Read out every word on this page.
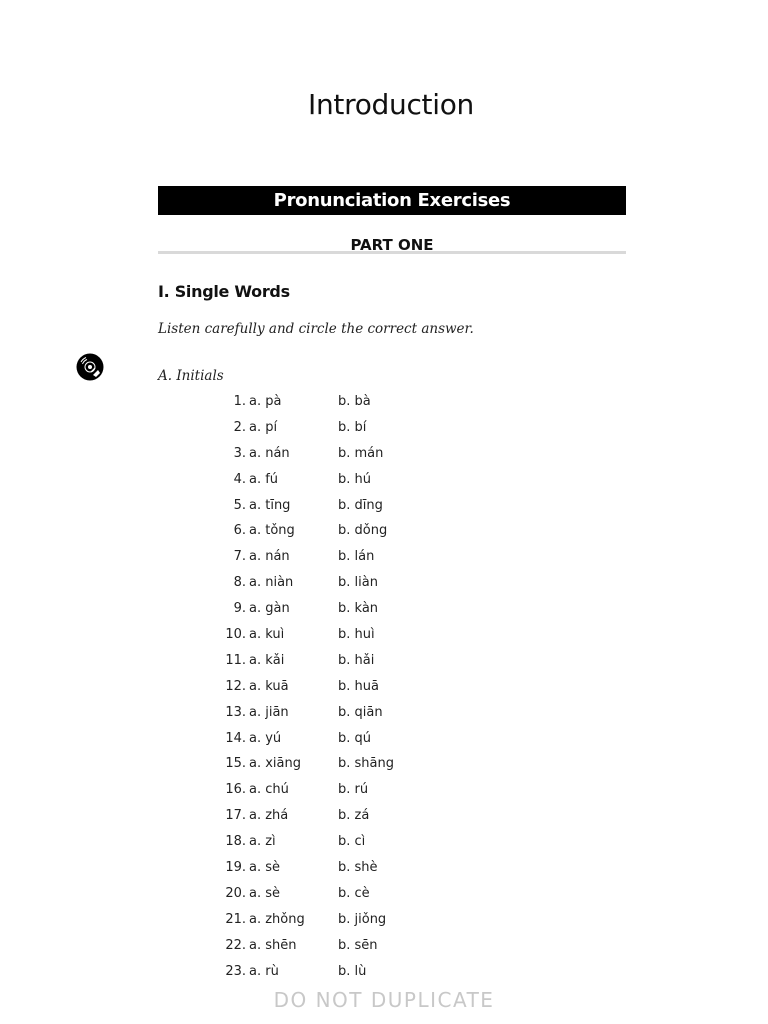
Introduction
Pronunciation Exercises
PART ONE
I. Single Words
Listen carefully and circle the correct answer.
A. Initials
1. a. pà	b. bà
2. a. pí	b. bí
3. a. nán	b. mán
4. a. fú	b. hú
5. a. tīng	b. dīng
6. a. tǒng	b. dǒng
7. a. nán	b. lán
8. a. niàn	b. liàn
9. a. gàn	b. kàn
10. a. kuì	b. huì
11. a. kǎi	b. hǎi
12. a. kuā	b. huā
13. a. jiān	b. qiān
14. a. yú	b. qú
15. a. xiāng	b. shāng
16. a. chú	b. rú
17. a. zhá	b. zá
18. a. zì	b. cì
19. a. sè	b. shè
20. a. sè	b. cè
21. a. zhǒng	b. jiǒng
22. a. shēn	b. sēn
23. a. rù	b. lù
DO NOT DUPLICATE
